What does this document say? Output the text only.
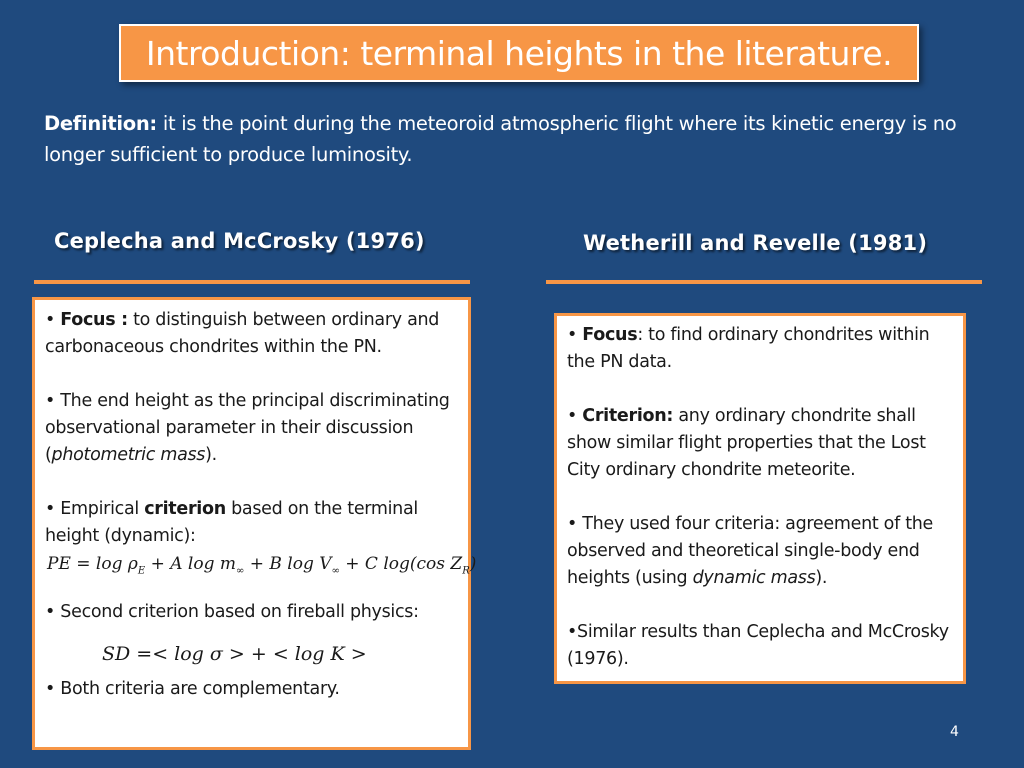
Introduction: terminal heights in the literature.
Definition: it is the point during the meteoroid atmospheric flight where its kinetic energy is no longer sufficient to produce luminosity.
Ceplecha and McCrosky (1976)	Wetherill and Revelle (1981)

• Focus : to distinguish between ordinary and carbonaceous chondrites within the PN.

• The end height as the principal discriminating observational parameter in their discussion (photometric mass).

• Empirical criterion based on the terminal height (dynamic):

PE = $\log \rho_E + A$ $\log m_\infty + B$ $\log V_\infty + C$ log(cos $Z_R$)

• Second criterion based on fireball physics:

SD =< log σ > + < log K >

• Both criteria are complementary.

• Focus: to find ordinary chondrites within the PN data.

• Criterion: any ordinary chondrite shall show similar flight properties that the Lost City ordinary chondrite meteorite.

• They used four criteria: agreement of the observed and theoretical single-body end heights (using dynamic mass).

•Similar results than Ceplecha and McCrosky (1976).

4
